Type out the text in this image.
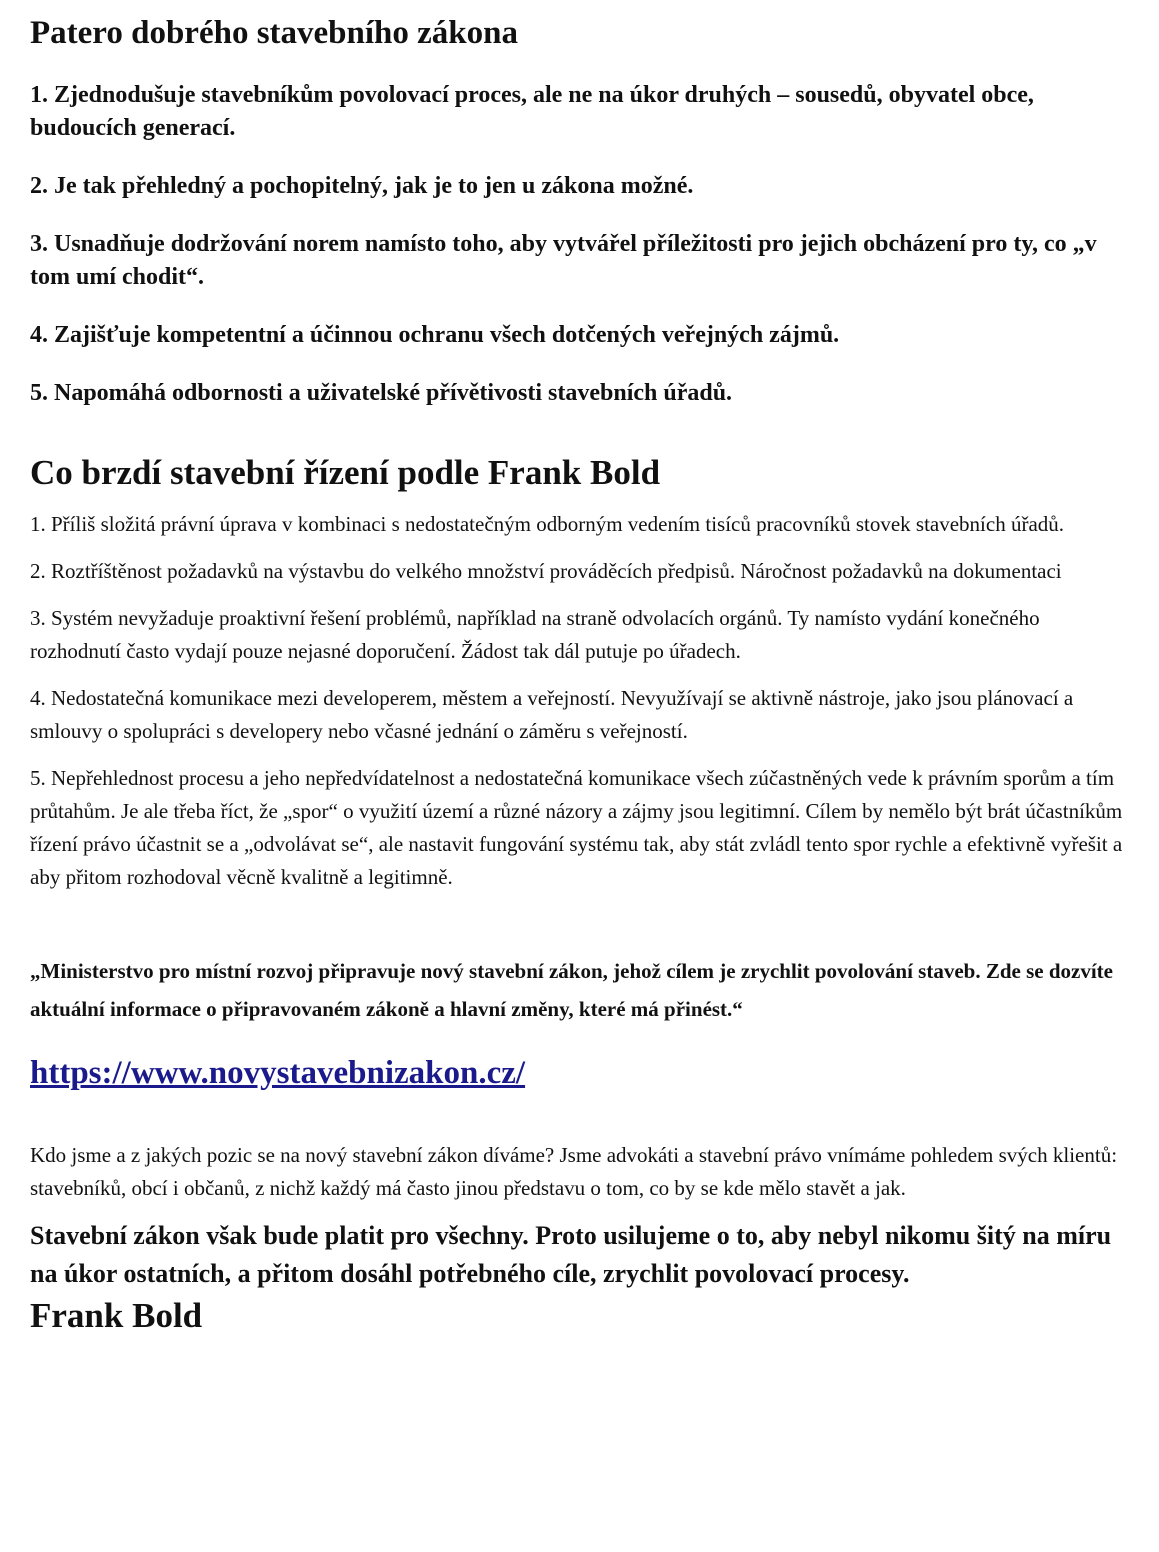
Patero dobrého stavebního zákona

1. Zjednodušuje stavebníkům povolovací proces, ale ne na úkor druhých – sousedů, obyvatel obce, budoucích generací.

2. Je tak přehledný a pochopitelný, jak je to jen u zákona možné.

3. Usnadňuje dodržování norem namísto toho, aby vytvářel příležitosti pro jejich obcházení pro ty, co „v tom umí chodit“.

4. Zajišťuje kompetentní a účinnou ochranu všech dotčených veřejných zájmů.

5. Napomáhá odbornosti a uživatelské přívětivosti stavebních úřadů.

Co brzdí stavební řízení podle Frank Bold

1. Příliš složitá právní úprava v kombinaci s nedostatečným odborným vedením tisíců pracovníků stovek stavebních úřadů.

2. Roztříštěnost požadavků na výstavbu do velkého množství prováděcích předpisů. Náročnost požadavků na dokumentaci

3. Systém nevyžaduje proaktivní řešení problémů, například na straně odvolacích orgánů. Ty namísto vydání konečného rozhodnutí často vydají pouze nejasné doporučení. Žádost tak dál putuje po úřadech.

4. Nedostatečná komunikace mezi developerem, městem a veřejností. Nevyužívají se aktivně nástroje, jako jsou plánovací a smlouvy o spolupráci s developery nebo včasné jednání o záměru s veřejností.

5. Nepřehlednost procesu a jeho nepředvídatelnost a nedostatečná komunikace všech zúčastněných vede k právním sporům a tím průtahům. Je ale třeba říct, že „spor“ o využití území a různé názory a zájmy jsou legitimní. Cílem by nemělo být brát účastníkům řízení právo účastnit se a „odvolávat se“, ale nastavit fungování systému tak, aby stát zvládl tento spor rychle a efektivně vyřešit a aby přitom rozhodoval věcně kvalitně a legitimně.

„Ministerstvo pro místní rozvoj připravuje nový stavební zákon, jehož cílem je zrychlit povolování staveb. Zde se dozvíte aktuální informace o připravovaném zákoně a hlavní změny, které má přinést.“

https://www.novystavebnizakon.cz/

Kdo jsme a z jakých pozic se na nový stavební zákon díváme? Jsme advokáti a stavební právo vnímáme pohledem svých klientů: stavebníků, obcí i občanů, z nichž každý má často jinou představu o tom, co by se kde mělo stavět a jak.

Stavební zákon však bude platit pro všechny. Proto usilujeme o to, aby nebyl nikomu šitý na míru na úkor ostatních, a přitom dosáhl potřebného cíle, zrychlit povolovací procesy.

Frank Bold
